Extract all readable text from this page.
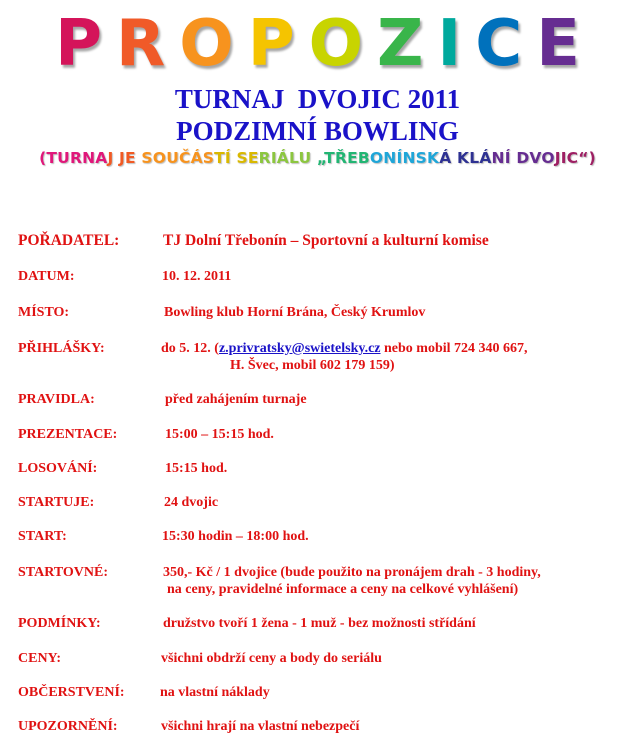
P R O P O Z I C E
TURNAJ  DVOJIC 2011
PODZIMNÍ BOWLING
(TURNAJ JE SOUČÁSTÍ SERIÁLU „TŘEBONÍNSKÁ KLÁNÍ DVOJIC“)
POŘADATEL:	TJ Dolní Třebonín – Sportovní a kulturní komise
DATUM:	10. 12. 2011
MÍSTO:	Bowling klub Horní Brána, Český Krumlov
PŘIHLÁŠKY:	do 5. 12. (z.privratsky@swietelsky.cz nebo mobil 724 340 667,
H. Švec, mobil 602 179 159)
PRAVIDLA:	před zahájením turnaje
PREZENTACE:	15:00 – 15:15 hod.
LOSOVÁNÍ:	15:15 hod.
STARTUJE:	24 dvojic
START:	15:30 hodin – 18:00 hod.
STARTOVNÉ:	350,- Kč / 1 dvojice (bude použito na pronájem drah - 3 hodiny,
na ceny, pravidelné informace a ceny na celkové vyhlášení)
PODMÍNKY:	družstvo tvoří 1 žena - 1 muž - bez možnosti střídání
CENY:	všichni obdrží ceny a body do seriálu
OBČERSTVENÍ:	na vlastní náklady
UPOZORNĚNÍ:	všichni hrají na vlastní nebezpečí
